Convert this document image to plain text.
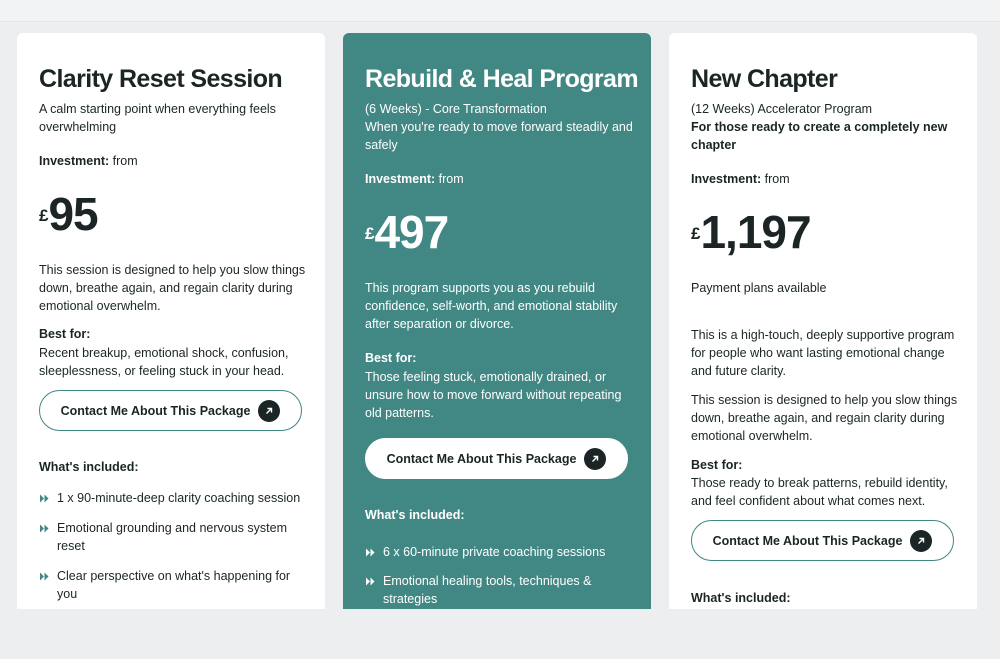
Clarity Reset Session
A calm starting point when everything feels overwhelming
Investment: from
£95
This session is designed to help you slow things down, breathe again, and regain clarity during emotional overwhelm.
Best for:
Recent breakup, emotional shock, confusion, sleeplessness, or feeling stuck in your head.
Contact Me About This Package
What's included:
1 x 90-minute-deep clarity coaching session
Emotional grounding and nervous system reset
Clear perspective on what's happening for you
Rebuild & Heal Program
(6 Weeks) - Core Transformation
When you're ready to move forward steadily and safely
Investment: from
£497
This program supports you as you rebuild confidence, self-worth, and emotional stability after separation or divorce.
Best for:
Those feeling stuck, emotionally drained, or unsure how to move forward without repeating old patterns.
Contact Me About This Package
What's included:
6 x 60-minute private coaching sessions
Emotional healing tools, techniques & strategies
New Chapter
(12 Weeks) Accelerator Program
For those ready to create a completely new chapter
Investment: from
£1,197
Payment plans available
This is a high-touch, deeply supportive program for people who want lasting emotional change and future clarity.
This session is designed to help you slow things down, breathe again, and regain clarity during emotional overwhelm.
Best for:
Those ready to break patterns, rebuild identity, and feel confident about what comes next.
Contact Me About This Package
What's included:
